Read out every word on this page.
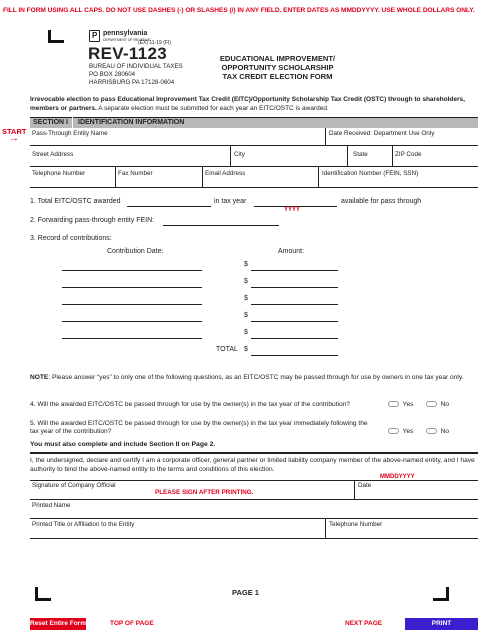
FILL IN FORM USING ALL CAPS. DO NOT USE DASHES (-) OR SLASHES (/) IN ANY FIELD. ENTER DATES AS MMDDYYYY. USE WHOLE DOLLARS ONLY.
P pennsylvania
DEPARTMENT OF REVENUE
(EX) 11-19 (FI)
REV-1123
BUREAU OF INDIVIDUAL TAXES
PO BOX 280604
HARRISBURG PA 17128-0604
EDUCATIONAL IMPROVEMENT/
OPPORTUNITY SCHOLARSHIP
TAX CREDIT ELECTION FORM
Irrevocable election to pass Educational Improvement Tax Credit (EITC)/Opportunity Scholarship Tax Credit (OSTC) through to shareholders, members or partners. A separate election must be submitted for each year an EITC/OSTC is awarded.
START
→
SECTION I IDENTIFICATION INFORMATION
Pass-Through Entity Name	Date Received: Department Use Only
Street Address	City	State	ZIP Code
Telephone Number	Fax Number	Email Address	Identification Number (FEIN, SSN)
1. Total EITC/OSTC awarded	in tax year	available for pass through
YYYY
2. Forwarding pass-through entity FEIN:
3. Record of contributions:
Contribution Date:	Amount:
$
$
$
$
$
$
TOTAL
NOTE: Please answer “yes” to only one of the following questions, as an EITC/OSTC may be passed through for use by owners in one tax year only.
4. Will the awarded EITC/OSTC be passed through for use by the owner(s) in the tax year of the contribution?	Yes	No
5. Will the awarded EITC/OSTC be passed through for use by the owner(s) in the tax year immediately following the tax year of the contribution?	Yes	No
You must also complete and include Section II on Page 2.
I, the undersigned, declare and certify I am a corporate officer, general partner or limited liability company member of the above-named entity, and I have authority to bind the above-named entity to the terms and conditions of this election.
MMDDYYYY
Signature of Company Official
PLEASE SIGN AFTER PRINTING.
Date
Printed Name
Printed Title or Affiliation to the Entity	Telephone Number
PAGE 1
Reset Entire Form	TOP OF PAGE	NEXT PAGE	PRINT
